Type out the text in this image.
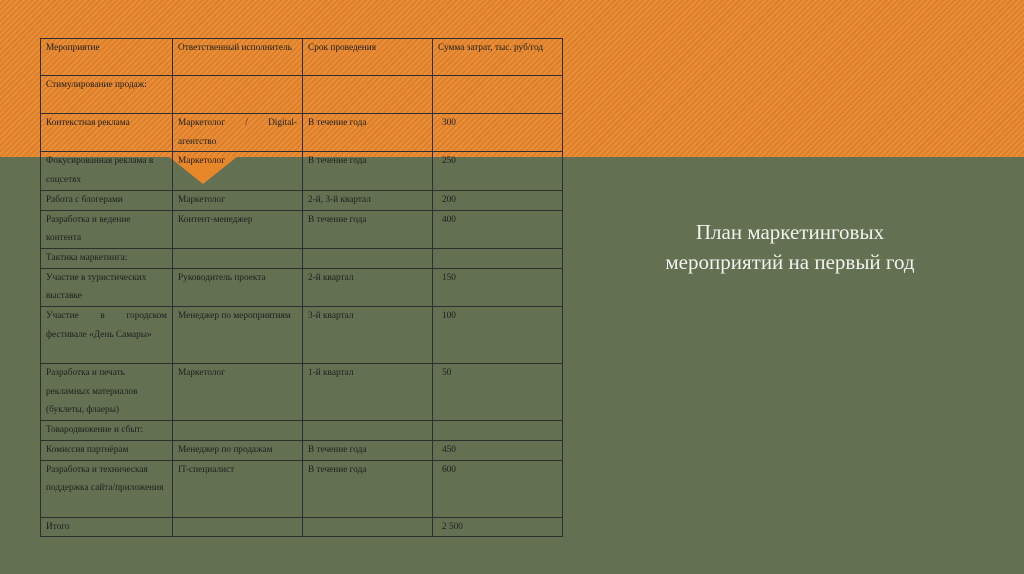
Мероприятие	Ответственный исполнитель	Срок проведения	Сумма затрат, тыс. руб/год
Стимулирование продаж:			
Контекстная реклама	Маркетолог / Digital-агентство	В течение года	300
Фокусированная реклама в соцсетях	Маркетолог	В течение года	250
Работа с блогерами	Маркетолог	2-й, 3-й квартал	200
Разработка и ведение контента	Контент-менеджер	В течение года	400
Тактика маркетинга:			
Участие в туристических выставке	Руководитель проекта	2-й квартал	150
Участие в городском фестивале «День Самары»	Менеджер по мероприятиям	3-й квартал	100
Разработка и печать рекламных материалов (буклеты, флаеры)	Маркетолог	1-й квартал	50
Товародвижение и сбыт:			
Комиссия партнёрам	Менеджер по продажам	В течение года	450
Разработка и техническая поддержка сайта/приложения	IT-специалист	В течение года	600
Итого			2 500
План маркетинговых мероприятий на первый год
